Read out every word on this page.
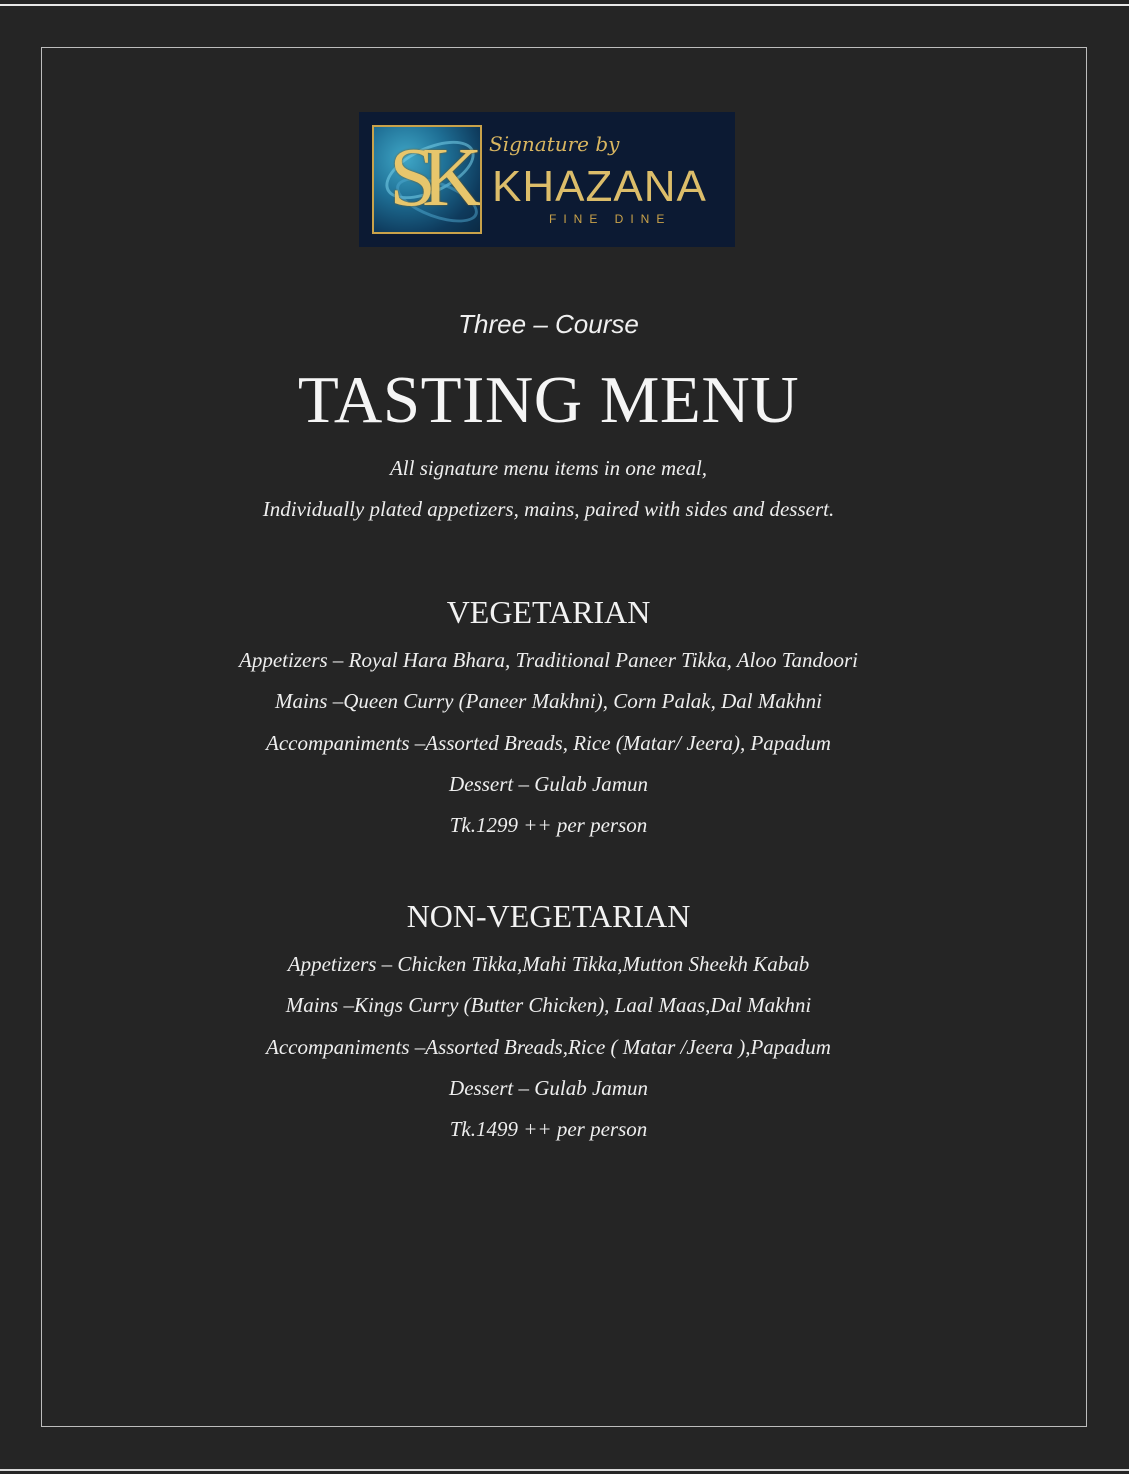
SK	Signature by
KHAZANA
FINE DINE
Three – Course
TASTING MENU
All signature menu items in one meal,
Individually plated appetizers, mains, paired with sides and dessert.
VEGETARIAN
Appetizers – Royal Hara Bhara, Traditional Paneer Tikka, Aloo Tandoori
Mains –Queen Curry (Paneer Makhni), Corn Palak, Dal Makhni
Accompaniments –Assorted Breads, Rice (Matar/ Jeera), Papadum
Dessert – Gulab Jamun
Tk.1299 ++ per person
NON-VEGETARIAN
Appetizers – Chicken Tikka,Mahi Tikka,Mutton Sheekh Kabab
Mains –Kings Curry (Butter Chicken), Laal Maas,Dal Makhni
Accompaniments –Assorted Breads,Rice ( Matar /Jeera ),Papadum
Dessert – Gulab Jamun
Tk.1499 ++ per person
